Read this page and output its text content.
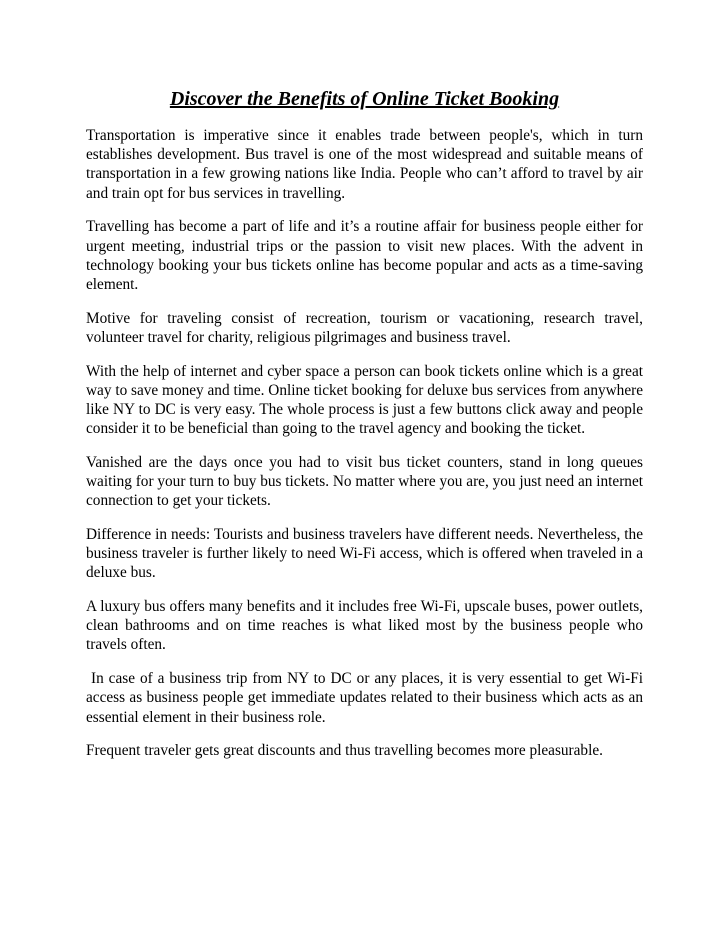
Discover the Benefits of Online Ticket Booking

Transportation is imperative since it enables trade between people's, which in turn establishes development. Bus travel is one of the most widespread and suitable means of transportation in a few growing nations like India. People who can’t afford to travel by air and train opt for bus services in travelling.

Travelling has become a part of life and it’s a routine affair for business people either for urgent meeting, industrial trips or the passion to visit new places. With the advent in technology booking your bus tickets online has become popular and acts as a time-saving element.

Motive for traveling consist of recreation, tourism or vacationing, research travel, volunteer travel for charity, religious pilgrimages and business travel.

With the help of internet and cyber space a person can book tickets online which is a great way to save money and time. Online ticket booking for deluxe bus services from anywhere like NY to DC is very easy. The whole process is just a few buttons click away and people consider it to be beneficial than going to the travel agency and booking the ticket.

Vanished are the days once you had to visit bus ticket counters, stand in long queues waiting for your turn to buy bus tickets. No matter where you are, you just need an internet connection to get your tickets.

Difference in needs: Tourists and business travelers have different needs. Nevertheless, the business traveler is further likely to need Wi-Fi access, which is offered when traveled in a deluxe bus.

A luxury bus offers many benefits and it includes free Wi-Fi, upscale buses, power outlets, clean bathrooms and on time reaches is what liked most by the business people who travels often.

In case of a business trip from NY to DC or any places, it is very essential to get Wi-Fi access as business people get immediate updates related to their business which acts as an essential element in their business role.

Frequent traveler gets great discounts and thus travelling becomes more pleasurable.
